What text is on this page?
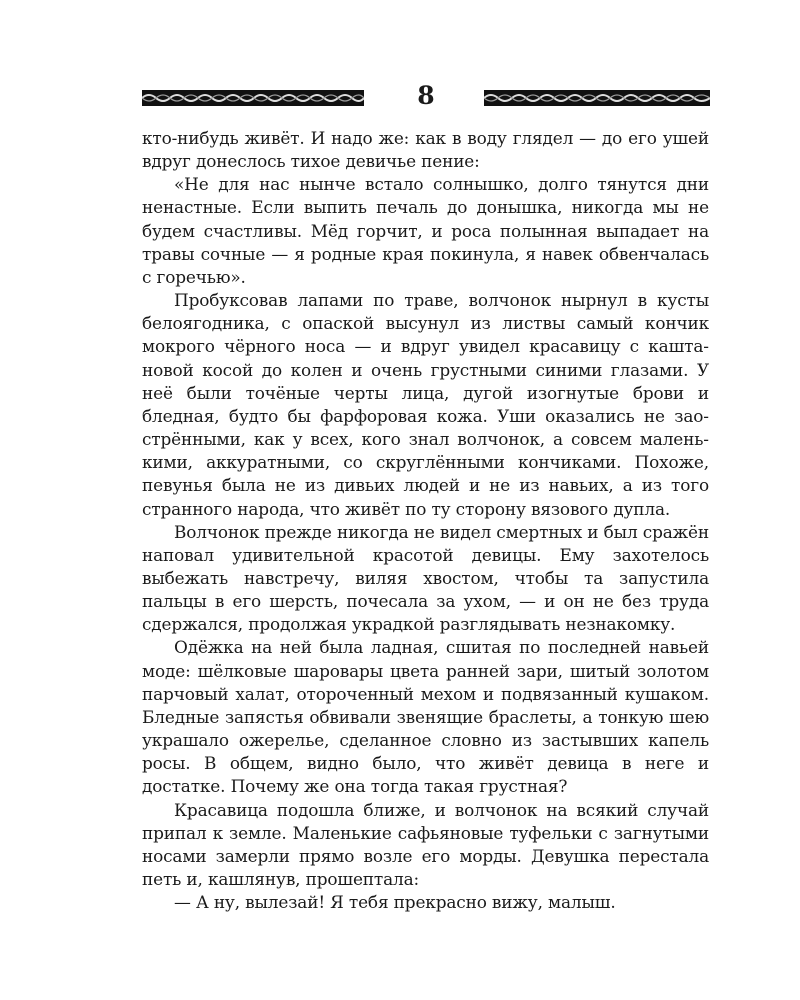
8

кто-нибудь живёт. И надо же: как в воду глядел — до его ушей вдруг донеслось тихое девичье пение:

«Не для нас нынче встало солнышко, долго тянутся дни ненастные. Если выпить печаль до донышка, никогда мы не будем счастливы. Мёд горчит, и роса полынная выпадает на травы сочные — я родные края покинула, я навек обвенчалась с горечью».

Пробуксовав лапами по траве, волчонок нырнул в кусты белоягодника, с опаской высунул из листвы самый кончик мокрого чёрного носа — и вдруг увидел красавицу с каштановой косой до колен и очень грустными синими глазами. У неё были точёные черты лица, дугой изогнутые брови и бледная, будто бы фарфоровая кожа. Уши оказались не заострёнными, как у всех, кого знал волчонок, а совсем маленькими, аккуратными, со скруглёнными кончиками. Похоже, певунья была не из дивьих людей и не из навьих, а из того странного народа, что живёт по ту сторону вязового дупла.

Волчонок прежде никогда не видел смертных и был сражён наповал удивительной красотой девицы. Ему захотелось выбежать навстречу, виляя хвостом, чтобы та запустила пальцы в его шерсть, почесала за ухом, — и он не без труда сдержался, продолжая украдкой разглядывать незнакомку.

Одёжка на ней была ладная, сшитая по последней навьей моде: шёлковые шаровары цвета ранней зари, шитый золотом парчовый халат, отороченный мехом и подвязанный кушаком. Бледные запястья обвивали звенящие браслеты, а тонкую шею украшало ожерелье, сделанное словно из застывших капель росы. В общем, видно было, что живёт девица в неге и достатке. Почему же она тогда такая грустная?

Красавица подошла ближе, и волчонок на всякий случай припал к земле. Маленькие сафьяновые туфельки с загнутыми носами замерли прямо возле его морды. Девушка перестала петь и, кашлянув, прошептала:

— А ну, вылезай! Я тебя прекрасно вижу, малыш.
